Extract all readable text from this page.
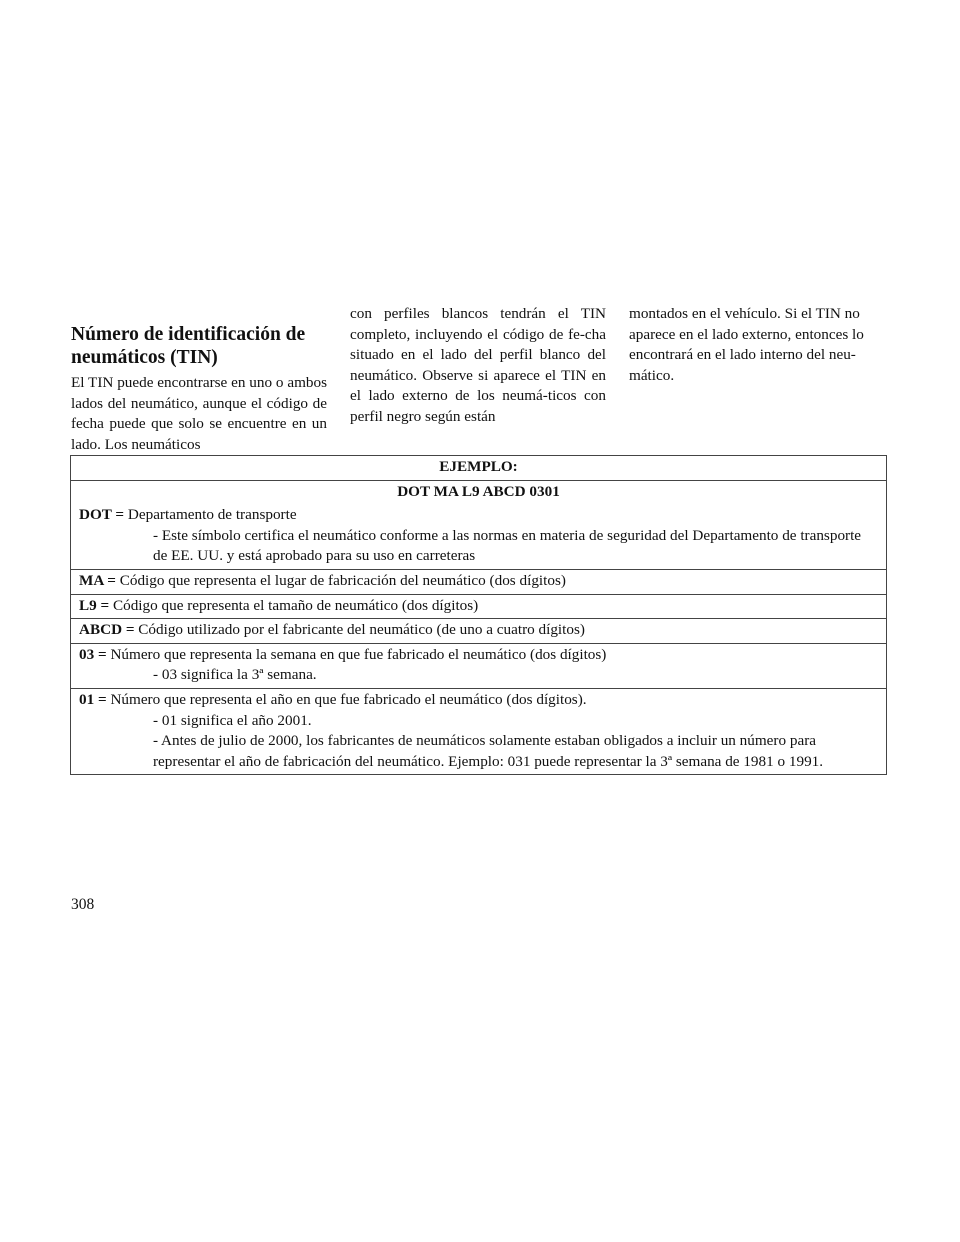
Número de identificación de neumáticos (TIN)
El TIN puede encontrarse en uno o ambos lados del neumático, aunque el código de fecha puede que solo se encuentre en un lado. Los neumáticos
con perfiles blancos tendrán el TIN completo, incluyendo el código de fe-cha situado en el lado del perfil blanco del neumático. Observe si aparece el TIN en el lado externo de los neumá-ticos con perfil negro según están
montados en el vehículo. Si el TIN no aparece en el lado externo, entonces lo encontrará en el lado interno del neu-mático.
EJEMPLO:
DOT MA L9 ABCD 0301
DOT = Departamento de transporte
- Este símbolo certifica el neumático conforme a las normas en materia de seguridad del Departamento de transporte de EE. UU. y está aprobado para su uso en carreteras
MA = Código que representa el lugar de fabricación del neumático (dos dígitos)
L9 = Código que representa el tamaño de neumático (dos dígitos)
ABCD = Código utilizado por el fabricante del neumático (de uno a cuatro dígitos)
03 = Número que representa la semana en que fue fabricado el neumático (dos dígitos)
- 03 significa la 3ª semana.
01 = Número que representa el año en que fue fabricado el neumático (dos dígitos).
- 01 significa el año 2001.
- Antes de julio de 2000, los fabricantes de neumáticos solamente estaban obligados a incluir un número para representar el año de fabricación del neumático. Ejemplo: 031 puede representar la 3ª semana de 1981 o 1991.
308
